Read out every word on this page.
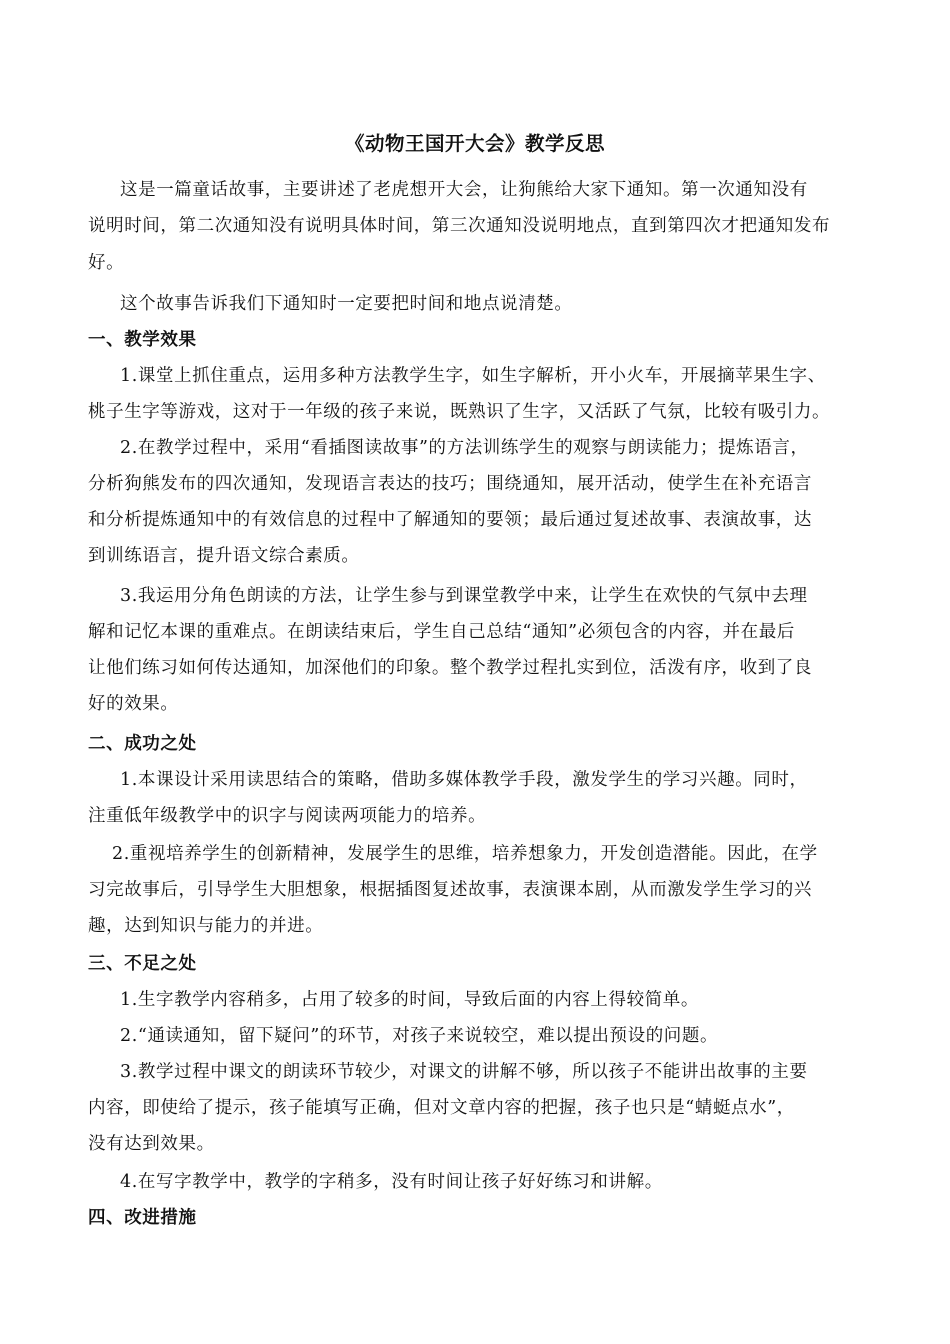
《动物王国开大会》教学反思
这是一篇童话故事，主要讲述了老虎想开大会，让狗熊给大家下通知。第一次通知没有
说明时间，第二次通知没有说明具体时间，第三次通知没说明地点，直到第四次才把通知发布
好。
这个故事告诉我们下通知时一定要把时间和地点说清楚。
一、教学效果
1.课堂上抓住重点，运用多种方法教学生字，如生字解析，开小火车，开展摘苹果生字、
桃子生字等游戏，这对于一年级的孩子来说，既熟识了生字，又活跃了气氛，比较有吸引力。
2.在教学过程中，采用“看插图读故事”的方法训练学生的观察与朗读能力；提炼语言，
分析狗熊发布的四次通知，发现语言表达的技巧；围绕通知，展开活动，使学生在补充语言
和分析提炼通知中的有效信息的过程中了解通知的要领；最后通过复述故事、表演故事，达
到训练语言，提升语文综合素质。
3.我运用分角色朗读的方法，让学生参与到课堂教学中来，让学生在欢快的气氛中去理
解和记忆本课的重难点。在朗读结束后，学生自己总结“通知”必须包含的内容，并在最后
让他们练习如何传达通知，加深他们的印象。整个教学过程扎实到位，活泼有序，收到了良
好的效果。
二、成功之处
1.本课设计采用读思结合的策略，借助多媒体教学手段，激发学生的学习兴趣。同时，
注重低年级教学中的识字与阅读两项能力的培养。
2.重视培养学生的创新精神，发展学生的思维，培养想象力，开发创造潜能。因此，在学
习完故事后，引导学生大胆想象，根据插图复述故事，表演课本剧，从而激发学生学习的兴
趣，达到知识与能力的并进。
三、不足之处
1.生字教学内容稍多，占用了较多的时间，导致后面的内容上得较简单。
2.“通读通知，留下疑问”的环节，对孩子来说较空，难以提出预设的问题。
3.教学过程中课文的朗读环节较少，对课文的讲解不够，所以孩子不能讲出故事的主要
内容，即使给了提示，孩子能填写正确，但对文章内容的把握，孩子也只是“蜻蜓点水”，
没有达到效果。
4.在写字教学中，教学的字稍多，没有时间让孩子好好练习和讲解。
四、改进措施
